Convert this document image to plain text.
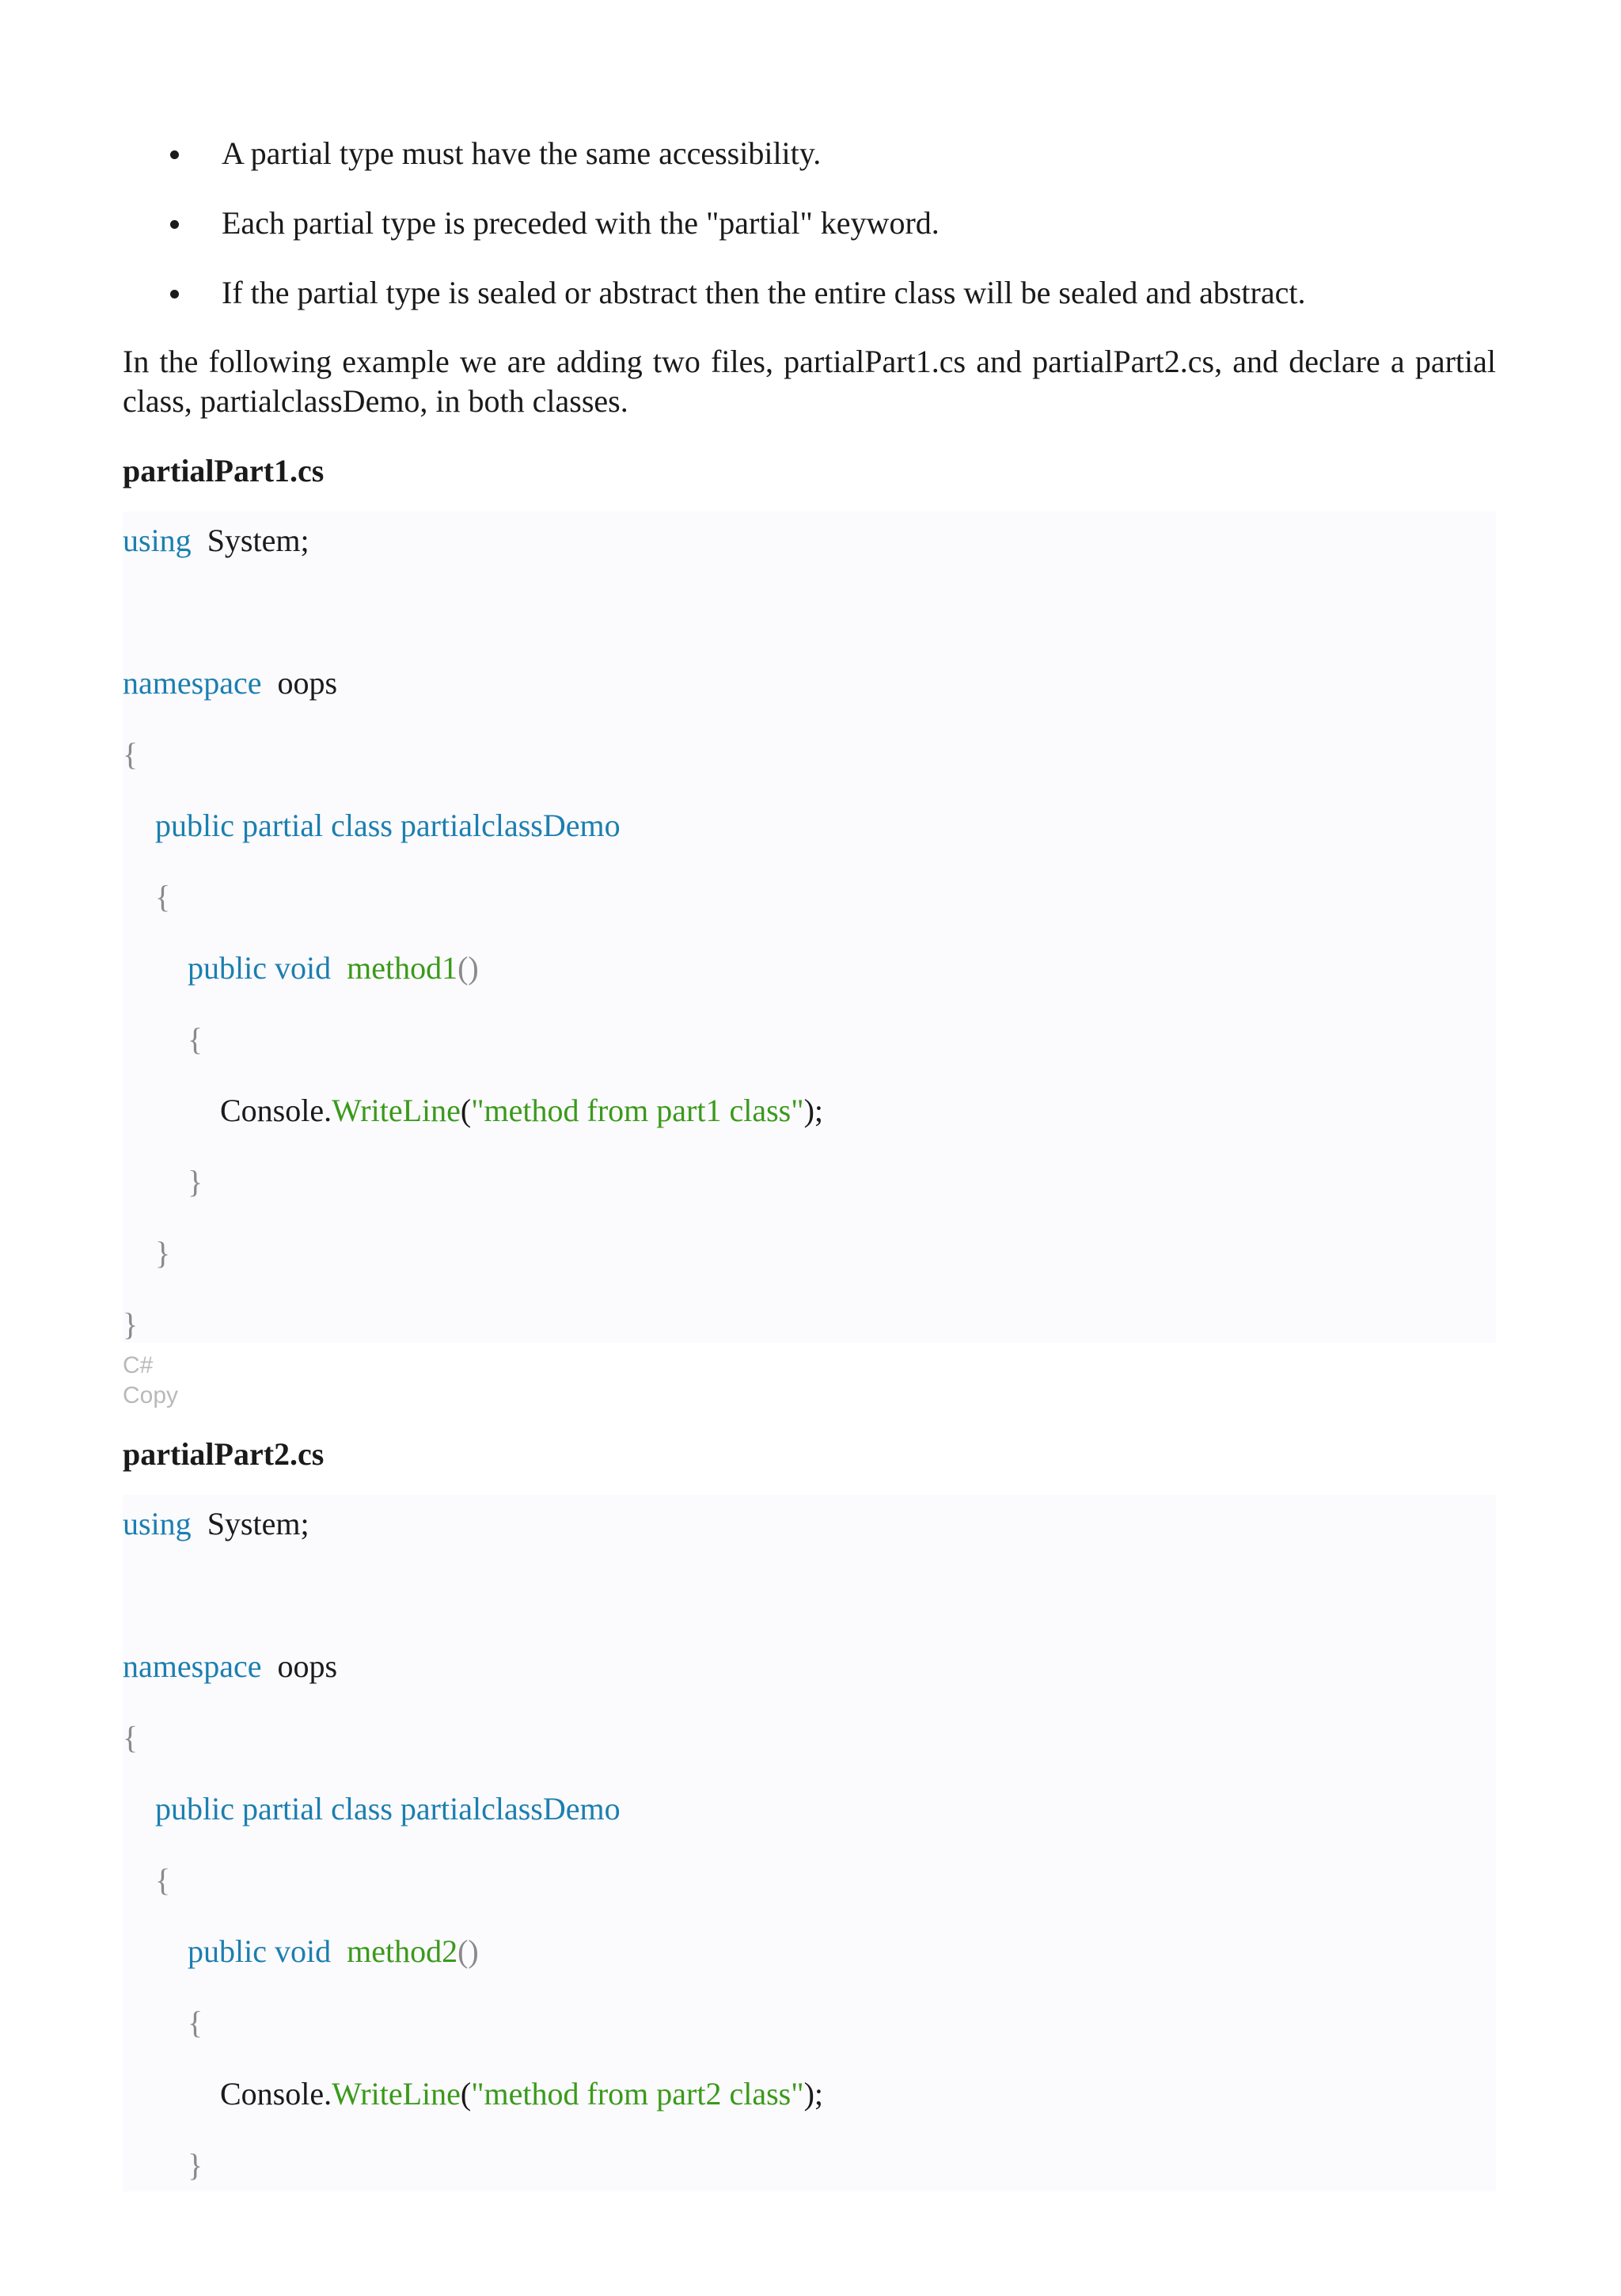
A partial type must have the same accessibility.
Each partial type is preceded with the "partial" keyword.
If the partial type is sealed or abstract then the entire class will be sealed and abstract.

In the following example we are adding two files, partialPart1.cs and partialPart2.cs, and declare a partial class, partialclassDemo, in both classes.

partialPart1.cs
using System;
namespace oops
{
public partial class partialclassDemo
{
public void method1()
{
Console.WriteLine("method from part1 class");
}
}
}
C#
Copy
partialPart2.cs
using System;
namespace oops
{
public partial class partialclassDemo
{
public void method2()
{
Console.WriteLine("method from part2 class");
}
